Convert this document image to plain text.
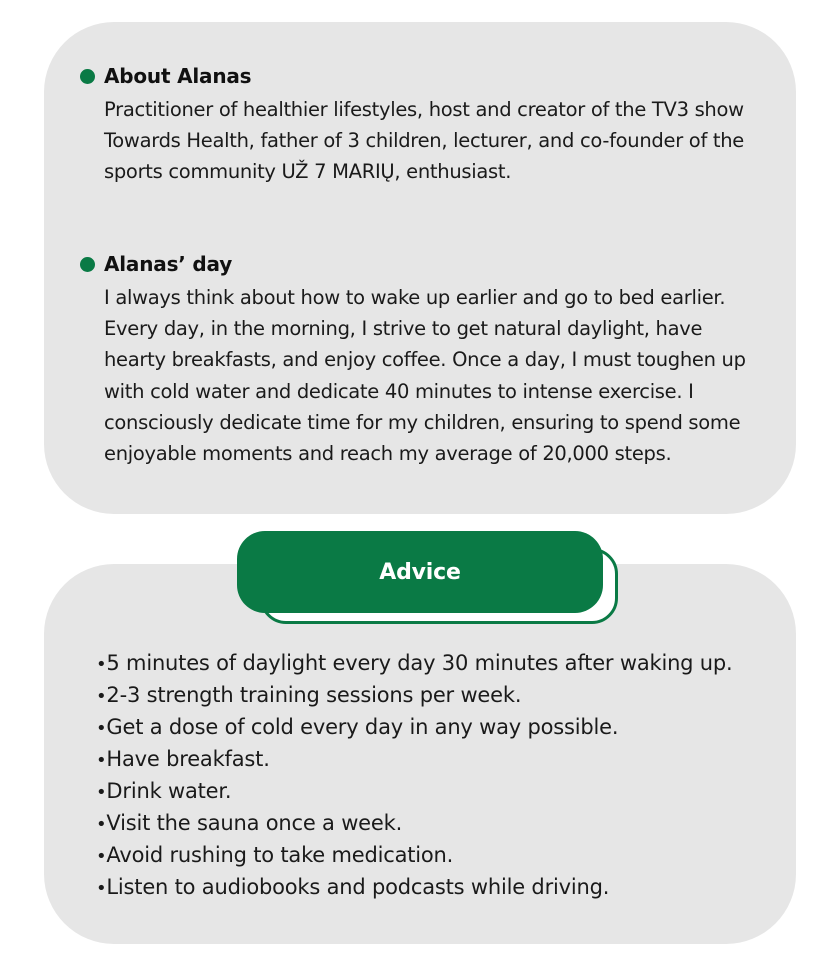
About Alanas
Practitioner of healthier lifestyles, host and creator of the TV3 show Towards Health, father of 3 children, lecturer, and co-founder of the sports community UŽ 7 MARIŲ, enthusiast.
Alanas’ day
I always think about how to wake up earlier and go to bed earlier. Every day, in the morning, I strive to get natural daylight, have hearty breakfasts, and enjoy coffee. Once a day, I must toughen up with cold water and dedicate 40 minutes to intense exercise. I consciously dedicate time for my children, ensuring to spend some enjoyable moments and reach my average of 20,000 steps.
•5 minutes of daylight every day 30 minutes after waking up.
•2-3 strength training sessions per week.
•Get a dose of cold every day in any way possible.
•Have breakfast.
•Drink water.
•Visit the sauna once a week.
•Avoid rushing to take medication.
•Listen to audiobooks and podcasts while driving.
Advice
